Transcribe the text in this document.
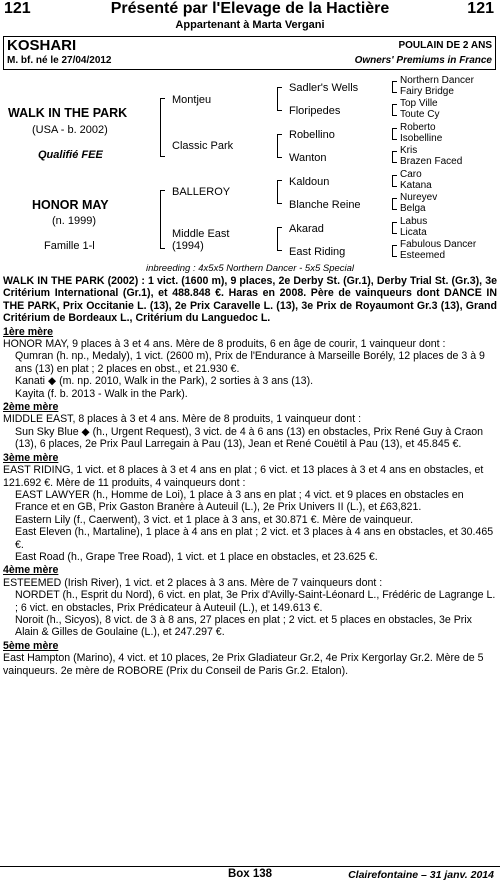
121	Présenté par l'Elevage de la Hactière	121
Appartenant à Marta Vergani
KOSHARI	POULAIN DE 2 ANS
M. bf. né le 27/04/2012	Owners' Premiums in France
WALK IN THE PARK
(USA - b. 2002)
Qualifié FEE
HONOR MAY
(n. 1999)
Famille 1-l
Montjeu
Classic Park
BALLEROY
Middle East
(1994)
Sadler's Wells
Floripedes
Robellino
Wanton
Kaldoun
Blanche Reine
Akarad
East Riding
Northern Dancer
Fairy Bridge
Top Ville
Toute Cy
Roberto
Isobelline
Kris
Brazen Faced
Caro
Katana
Nureyev
Belga
Labus
Licata
Fabulous Dancer
Esteemed
inbreeding : 4x5x5 Northern Dancer - 5x5 Special

WALK IN THE PARK (2002) : 1 vict. (1600 m), 9 places, 2e Derby St. (Gr.1), Derby Trial St. (Gr.3), 3e Critérium International (Gr.1), et 488.848 €. Haras en 2008. Père de vainqueurs dont DANCE IN THE PARK, Prix Occitanie L. (13), 2e Prix Caravelle L. (13), 3e Prix de Royaumont Gr.3 (13), Grand Critérium de Bordeaux L., Critérium du Languedoc L.

1ère mère

HONOR MAY, 9 places à 3 et 4 ans. Mère de 8 produits, 6 en âge de courir, 1 vainqueur dont :

Qumran (h. np., Medaly), 1 vict. (2600 m), Prix de l'Endurance à Marseille Borély, 12 places de 3 à 9 ans (13) en plat ; 2 places en obst., et 21.930 €.

Kanati ◆ (m. np. 2010, Walk in the Park), 2 sorties à 3 ans (13).

Kayita (f. b. 2013 - Walk in the Park).

2ème mère

MIDDLE EAST, 8 places à 3 et 4 ans. Mère de 8 produits, 1 vainqueur dont :

Sun Sky Blue ◆ (h., Urgent Request), 3 vict. de 4 à 6 ans (13) en obstacles, Prix René Guy à Craon (13), 6 places, 2e Prix Paul Larregain à Pau (13), Jean et René Couëtil à Pau (13), et 45.845 €.

3ème mère

EAST RIDING, 1 vict. et 8 places à 3 et 4 ans en plat ; 6 vict. et 13 places à 3 et 4 ans en obstacles, et 121.692 €. Mère de 11 produits, 4 vainqueurs dont :

EAST LAWYER (h., Homme de Loi), 1 place à 3 ans en plat ; 4 vict. et 9 places en obstacles en France et en GB, Prix Gaston Branère à Auteuil (L.), 2e Prix Univers II (L.), et £63,821.

Eastern Lily (f., Caerwent), 3 vict. et 1 place à 3 ans, et 30.871 €. Mère de vainqueur.

East Eleven (h., Martaline), 1 place à 4 ans en plat ; 2 vict. et 3 places à 4 ans en obstacles, et 30.465 €.

East Road (h., Grape Tree Road), 1 vict. et 1 place en obstacles, et 23.625 €.

4ème mère

ESTEEMED (Irish River), 1 vict. et 2 places à 3 ans. Mère de 7 vainqueurs dont :

NORDET (h., Esprit du Nord), 6 vict. en plat, 3e Prix d'Avilly-Saint-Léonard L., Frédéric de Lagrange L. ; 6 vict. en obstacles, Prix Prédicateur à Auteuil (L.), et 149.613 €.

Noroit (h., Sicyos), 8 vict. de 3 à 8 ans, 27 places en plat ; 2 vict. et 5 places en obstacles, 3e Prix Alain & Gilles de Goulaine (L.), et 247.297 €.

5ème mère

East Hampton (Marino), 4 vict. et 10 places, 2e Prix Gladiateur Gr.2, 4e Prix Kergorlay Gr.2. Mère de 5 vainqueurs. 2e mère de ROBORE (Prix du Conseil de Paris Gr.2. Etalon).

Box 138	Clairefontaine – 31 janv. 2014
